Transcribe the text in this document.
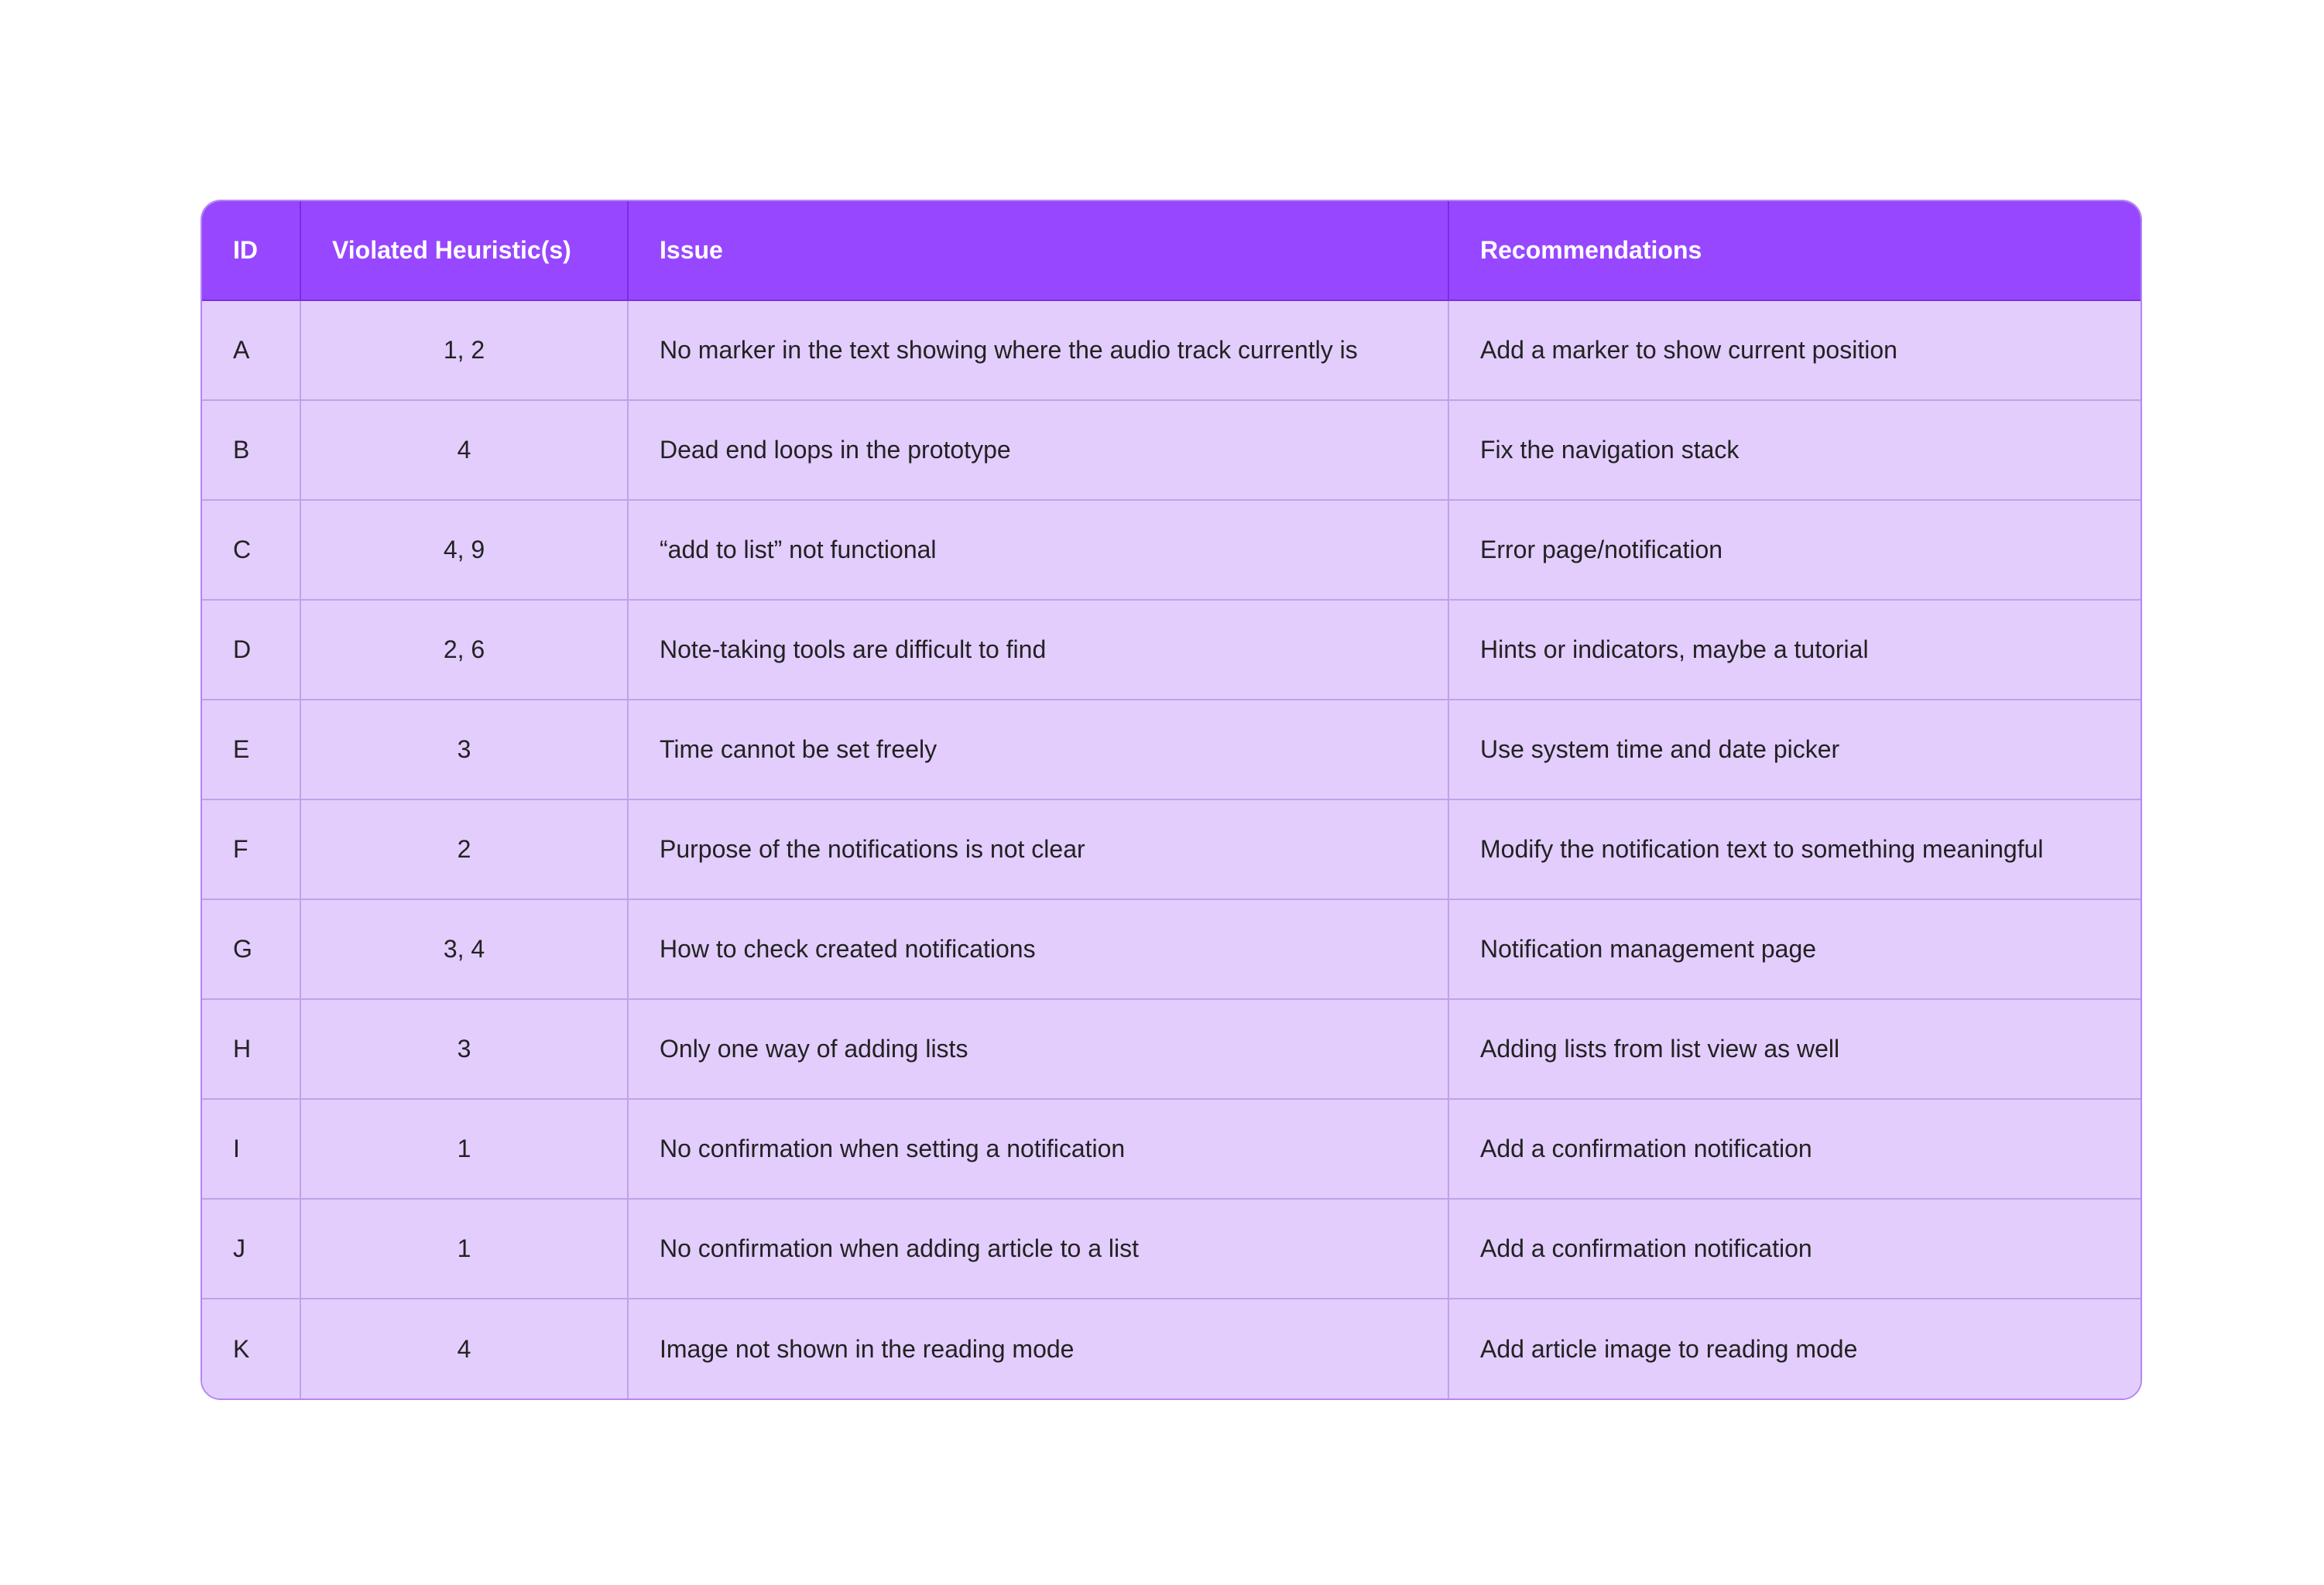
ID	Violated Heuristic(s)	Issue	Recommendations
A	1, 2	No marker in the text showing where the audio track currently is	Add a marker to show current position
B	4	Dead end loops in the prototype	Fix the navigation stack
C	4, 9	“add to list” not functional	Error page/notification
D	2, 6	Note-taking tools are difficult to find	Hints or indicators, maybe a tutorial
E	3	Time cannot be set freely	Use system time and date picker
F	2	Purpose of the notifications is not clear	Modify the notification text to something meaningful
G	3, 4	How to check created notifications	Notification management page
H	3	Only one way of adding lists	Adding lists from list view as well
I	1	No confirmation when setting a notification	Add a confirmation notification
J	1	No confirmation when adding article to a list	Add a confirmation notification
K	4	Image not shown in the reading mode	Add article image to reading mode
